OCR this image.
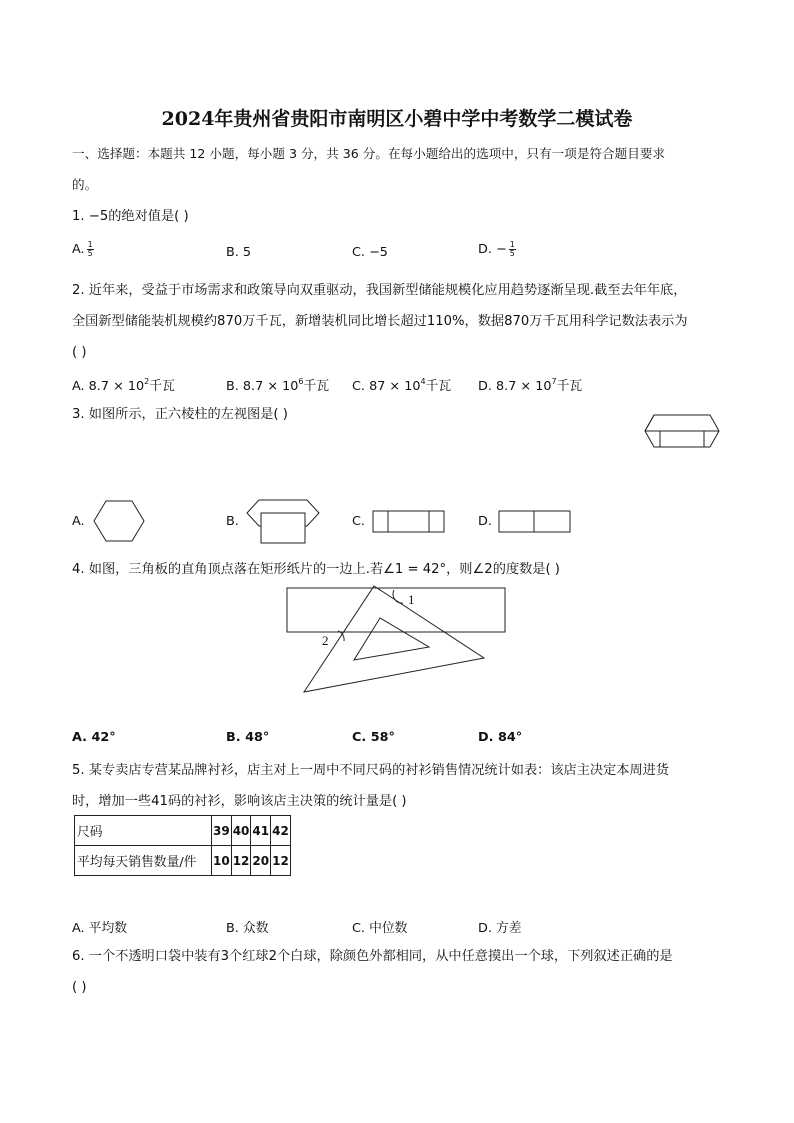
2024年贵州省贵阳市南明区小碧中学中考数学二模试卷
一、选择题：本题共 12 小题，每小题 3 分，共 36 分。在每小题给出的选项中，只有一项是符合题目要求
的。
1. −5的绝对值是( )
A. $\frac{1}{5}$	B. 5	C. −5	D. − $\frac{1}{5}$
2. 近年来，受益于市场需求和政策导向双重驱动，我国新型储能规模化应用趋势逐渐呈现.截至去年年底，
全国新型储能装机规模约870万千瓦，新增装机同比增长超过110%，数据870万千瓦用科学记数法表示为
( )
A. $8.7 \times 10^2$千瓦	B. $8.7 \times 10^6$千瓦 C. $87 \times 10^4$千瓦 D. $8.7 \times 10^7$千瓦
3. 如图所示，正六棱柱的左视图是( )
A.	B.	C.	D.
4. 如图，三角板的直角顶点落在矩形纸片的一边上.若∠1 = 42°，则∠2的度数是( )
1
2
A. 42°	B. 48°	C. 58°	D. 84°
5. 某专卖店专营某品牌衬衫，店主对上一周中不同尺码的衬衫销售情况统计如表：该店主决定本周进货
时，增加一些41码的衬衫，影响该店主决策的统计量是( )
尺码	39	40	41	42
平均每天销售数量/件	10	12	20	12
A. 平均数	B. 众数	C. 中位数	D. 方差
6. 一个不透明口袋中装有3个红球2个白球，除颜色外都相同，从中任意摸出一个球，下列叙述正确的是
( )
